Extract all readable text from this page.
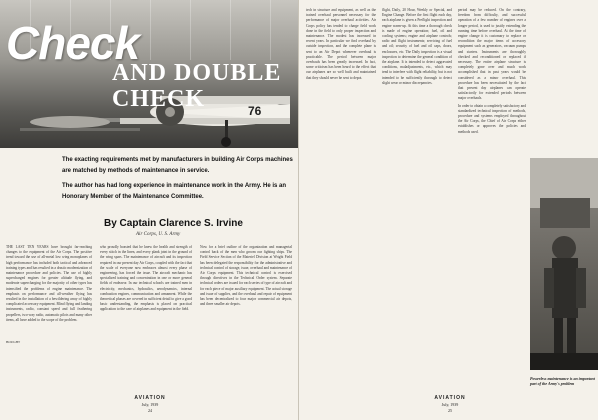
Check
AND DOUBLE CHECK	76

The exacting requirements met by manufacturers in building Air Corps machines are matched by methods of maintenance in service.

The author has had long experience in maintenance work in the Army. He is an Honorary Member of the Maintenance Committee.

By Captain Clarence S. Irvine
Air Corps, U. S. Army

THE LAST TEN YEARS have brought far-reaching changes to the equipment of the Air Corps. The positive trend toward the use of all-metal low wing monoplanes of high performance has included both tactical and advanced training types and has resulted in a drastic modernization of maintenance procedure and policies. The use of highly supercharged engines for greater altitude flying, and moderate supercharging for the majority of other types has intensified the problems of engine maintenance. The emphasis on performance and all-weather flying has resulted in the installation of a bewildering array of highly complicated accessory equipment. Blind flying and landing instruments, radio, constant speed and full feathering propellers, two-way radio, automatic pilots and many other items, all have added to the scope of the problem.

BOUGHT

who proudly boasted that he knew the health and strength of every stitch in the linen, and every plank joint in the ground of the wing spars. The maintenance of aircraft and its inspection required in our present day Air Corps, coupled with the fact that the scale of everyone now embraces almost every phase of engineering, has forced the issue. The aircraft mechanic has specialized training and concentration in one or more general fields of endeavor. In our technical schools are trained men in electricity, mechanics, hydraulics, aerodynamics, internal combustion engines, communication and armament. While the theoretical phases are covered in sufficient detail to give a good basic understanding, the emphasis is placed on practical application to the care of airplanes and equipment in the field.

Now for a brief outline of the organization and managerial control back of the men who groom our fighting ships. The Field Service Section of the Materiel Division at Wright Field has been delegated the responsibility for the administrative and technical control of storage, issue, overhaul and maintenance of Air Corps equipment. This technical control is exercised through directives in the Technical Order system. Separate technical orders are issued for each series of type of aircraft and for each piece of major auxiliary equipment. The actual storage and issue of supplies, and the overhaul and repair of equipment has been decentralized to four major commercial air depots, and three smaller air depots.

AVIATION
July, 1939
24

tech in structure and equipment, as well as the trained overhaul personnel necessary for the performance of major overhaul activities. Air Corps policy has tended to charge field work done in the field to only proper inspection and maintenance. The modest has increased in recent years. In particular we find overhaul by outside inspection, and the complete plane is sent to an Air Depot whenever overhaul is practicable. The period between major overhauls has been greatly increased. In fact, some criticism has been heard to the effect that our airplanes are so well built and maintained that they should never be sent to depot.

flight, Daily, 20 Hour, Weekly or Special, and Engine Change. Before the first flight each day, each airplane is given a Preflight inspection and engine warm-up. At this time a thorough check is made of engine operation; fuel, oil and cooling systems; engine and airplane controls; radio and flight instruments; servicing of fuel and oil; security of fuel and oil caps, doors, enclosures, etc. The Daily inspection is a visual inspection to determine the general condition of the airplane. It is intended to detect aggravated conditions, maladjustments, etc., which may tend to interfere with flight reliability, but is not intended to be sufficiently thorough to detect slight wear or minor discrepancies.

period may be reduced. On the contrary, freedom from difficulty, and successful operation of a few number of engines over a longer period, is used to justify extending the running time before overhaul. At the time of engine change it is customary to replace or recondition the major items of accessory equipment such as generators, vacuum pumps and starters. Instruments are thoroughly checked and reconditioned or replaced if necessary. The entire airplane structure is completely gone over and much work accomplished that in past years would be considered as a minor overhaul. This procedure has been necessitated by the fact that present day airplanes can operate satisfactorily for extended periods between major overhauls.

In order to obtain a completely satisfactory and standardized technical inspection of methods, procedure and systems employed throughout the Air Corps, the Chief of Air Corps either establishes or approves the policies and methods used.

Powerless maintenance is an important part of the Army's problem
AVIATION
July, 1939
25
